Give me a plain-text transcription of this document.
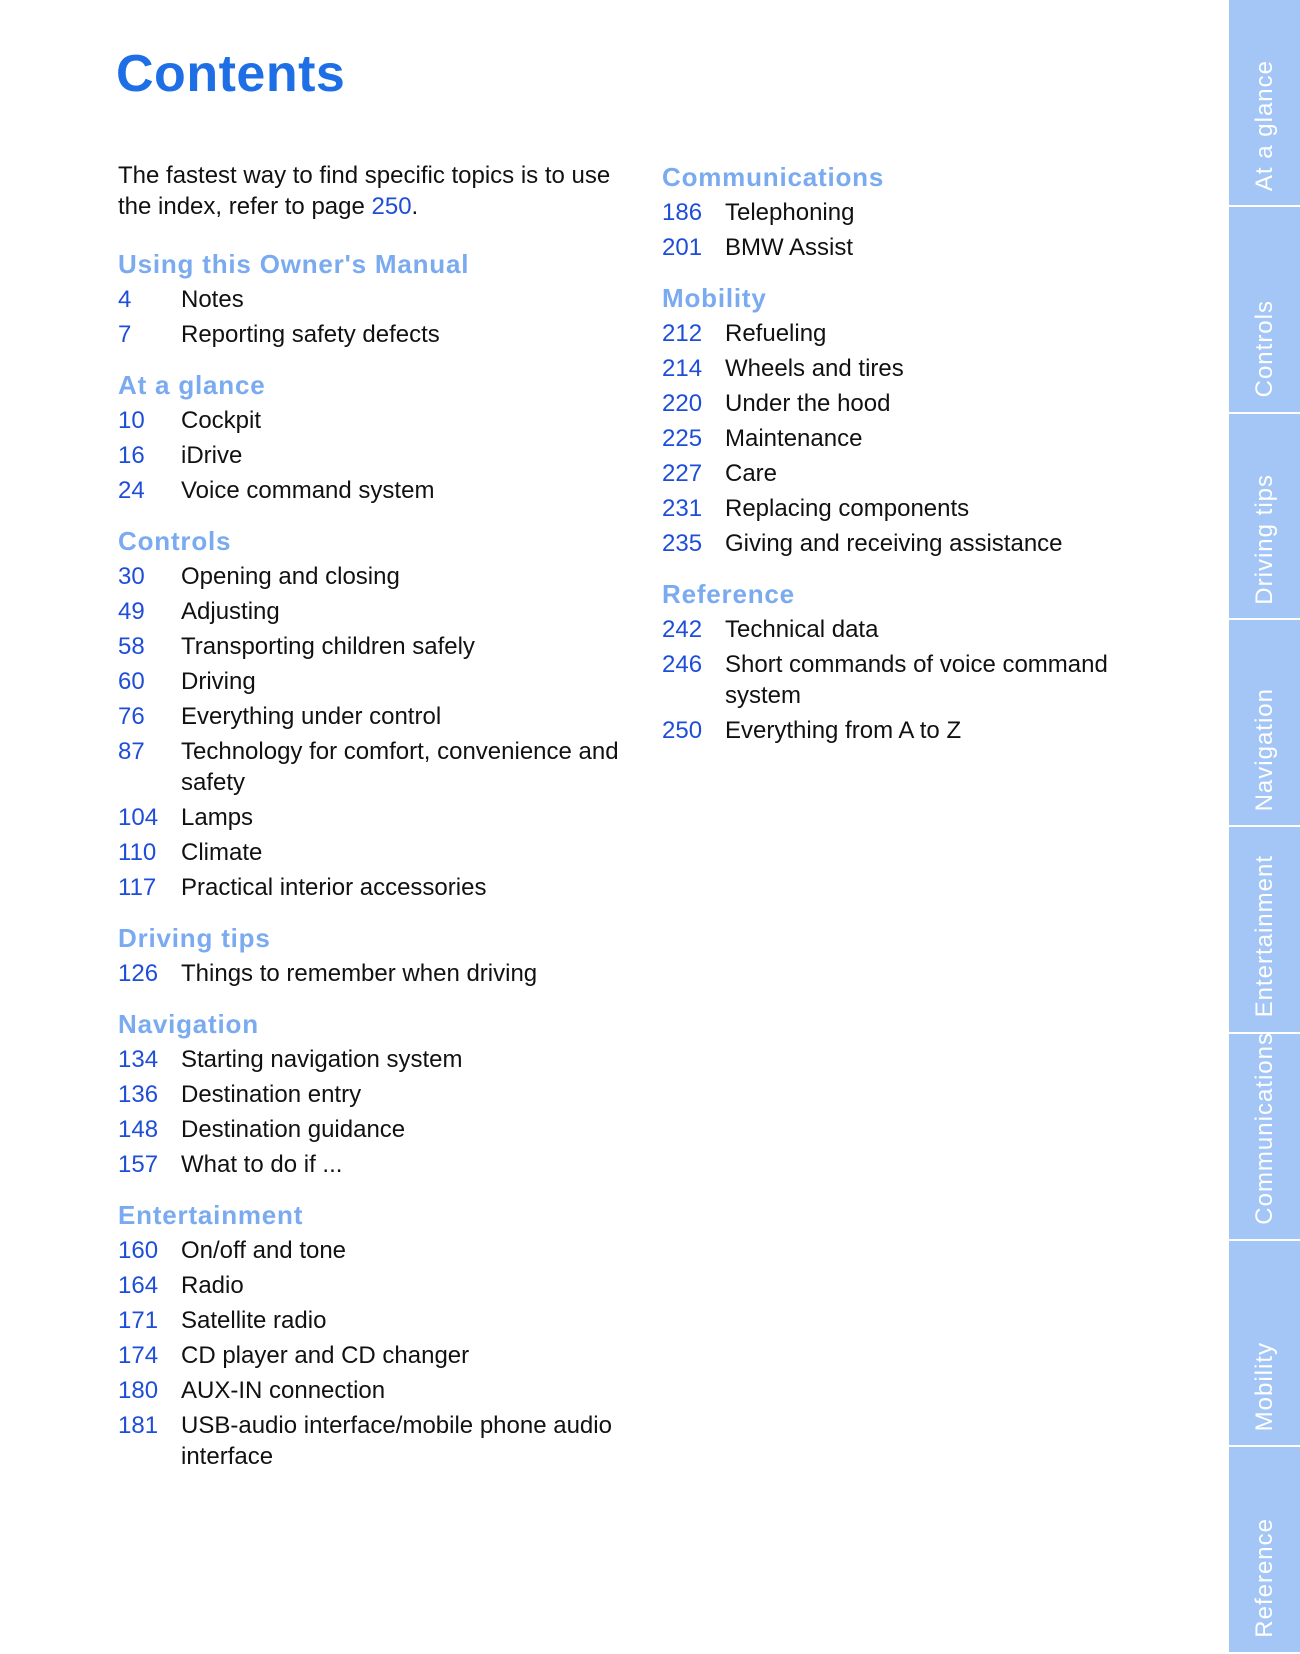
Contents

The fastest way to find specific topics is to use the index, refer to page 250.

Using this Owner's Manual
4	Notes
7	Reporting safety defects
At a glance
10	Cockpit
16	iDrive
24	Voice command system
Controls
30	Opening and closing
49	Adjusting
58	Transporting children safely
60	Driving
76	Everything under control
87	Technology for comfort, convenience and safety
104 Lamps
110	Climate
117	Practical interior accessories
Driving tips
126 Things to remember when driving
Navigation
134 Starting navigation system
136 Destination entry
148 Destination guidance
157 What to do if ...
Entertainment
160 On/off and tone
164 Radio
171 Satellite radio
174 CD player and CD changer
180 AUX-IN connection
181 USB-audio interface/mobile phone audio interface
Communications
186 Telephoning
201 BMW Assist
Mobility
212 Refueling
214 Wheels and tires
220 Under the hood
225 Maintenance
227 Care
231 Replacing components
235 Giving and receiving assistance
Reference
242 Technical data
246 Short commands of voice command system
250 Everything from A to Z
At a glance
Controls
Driving tips
Navigation
Entertainment
Communications
Mobility
Reference
